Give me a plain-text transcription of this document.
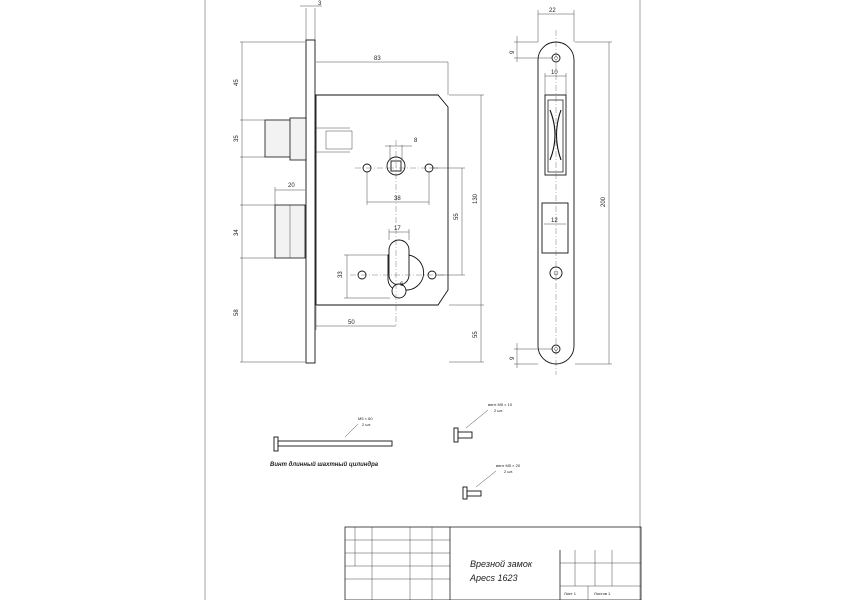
3
83
45
35
34
58
20
8
38
55
130
17
33
6
50
55
22
9
10
12
200
9
М5 × 60
2 шт.
винт М5 × 10
2 шт.
винт М5 × 20
2 шт.
Винт длинный шахтный цилиндра
Врезной замок
Apecs 1623
Лист 1	Листов 1
